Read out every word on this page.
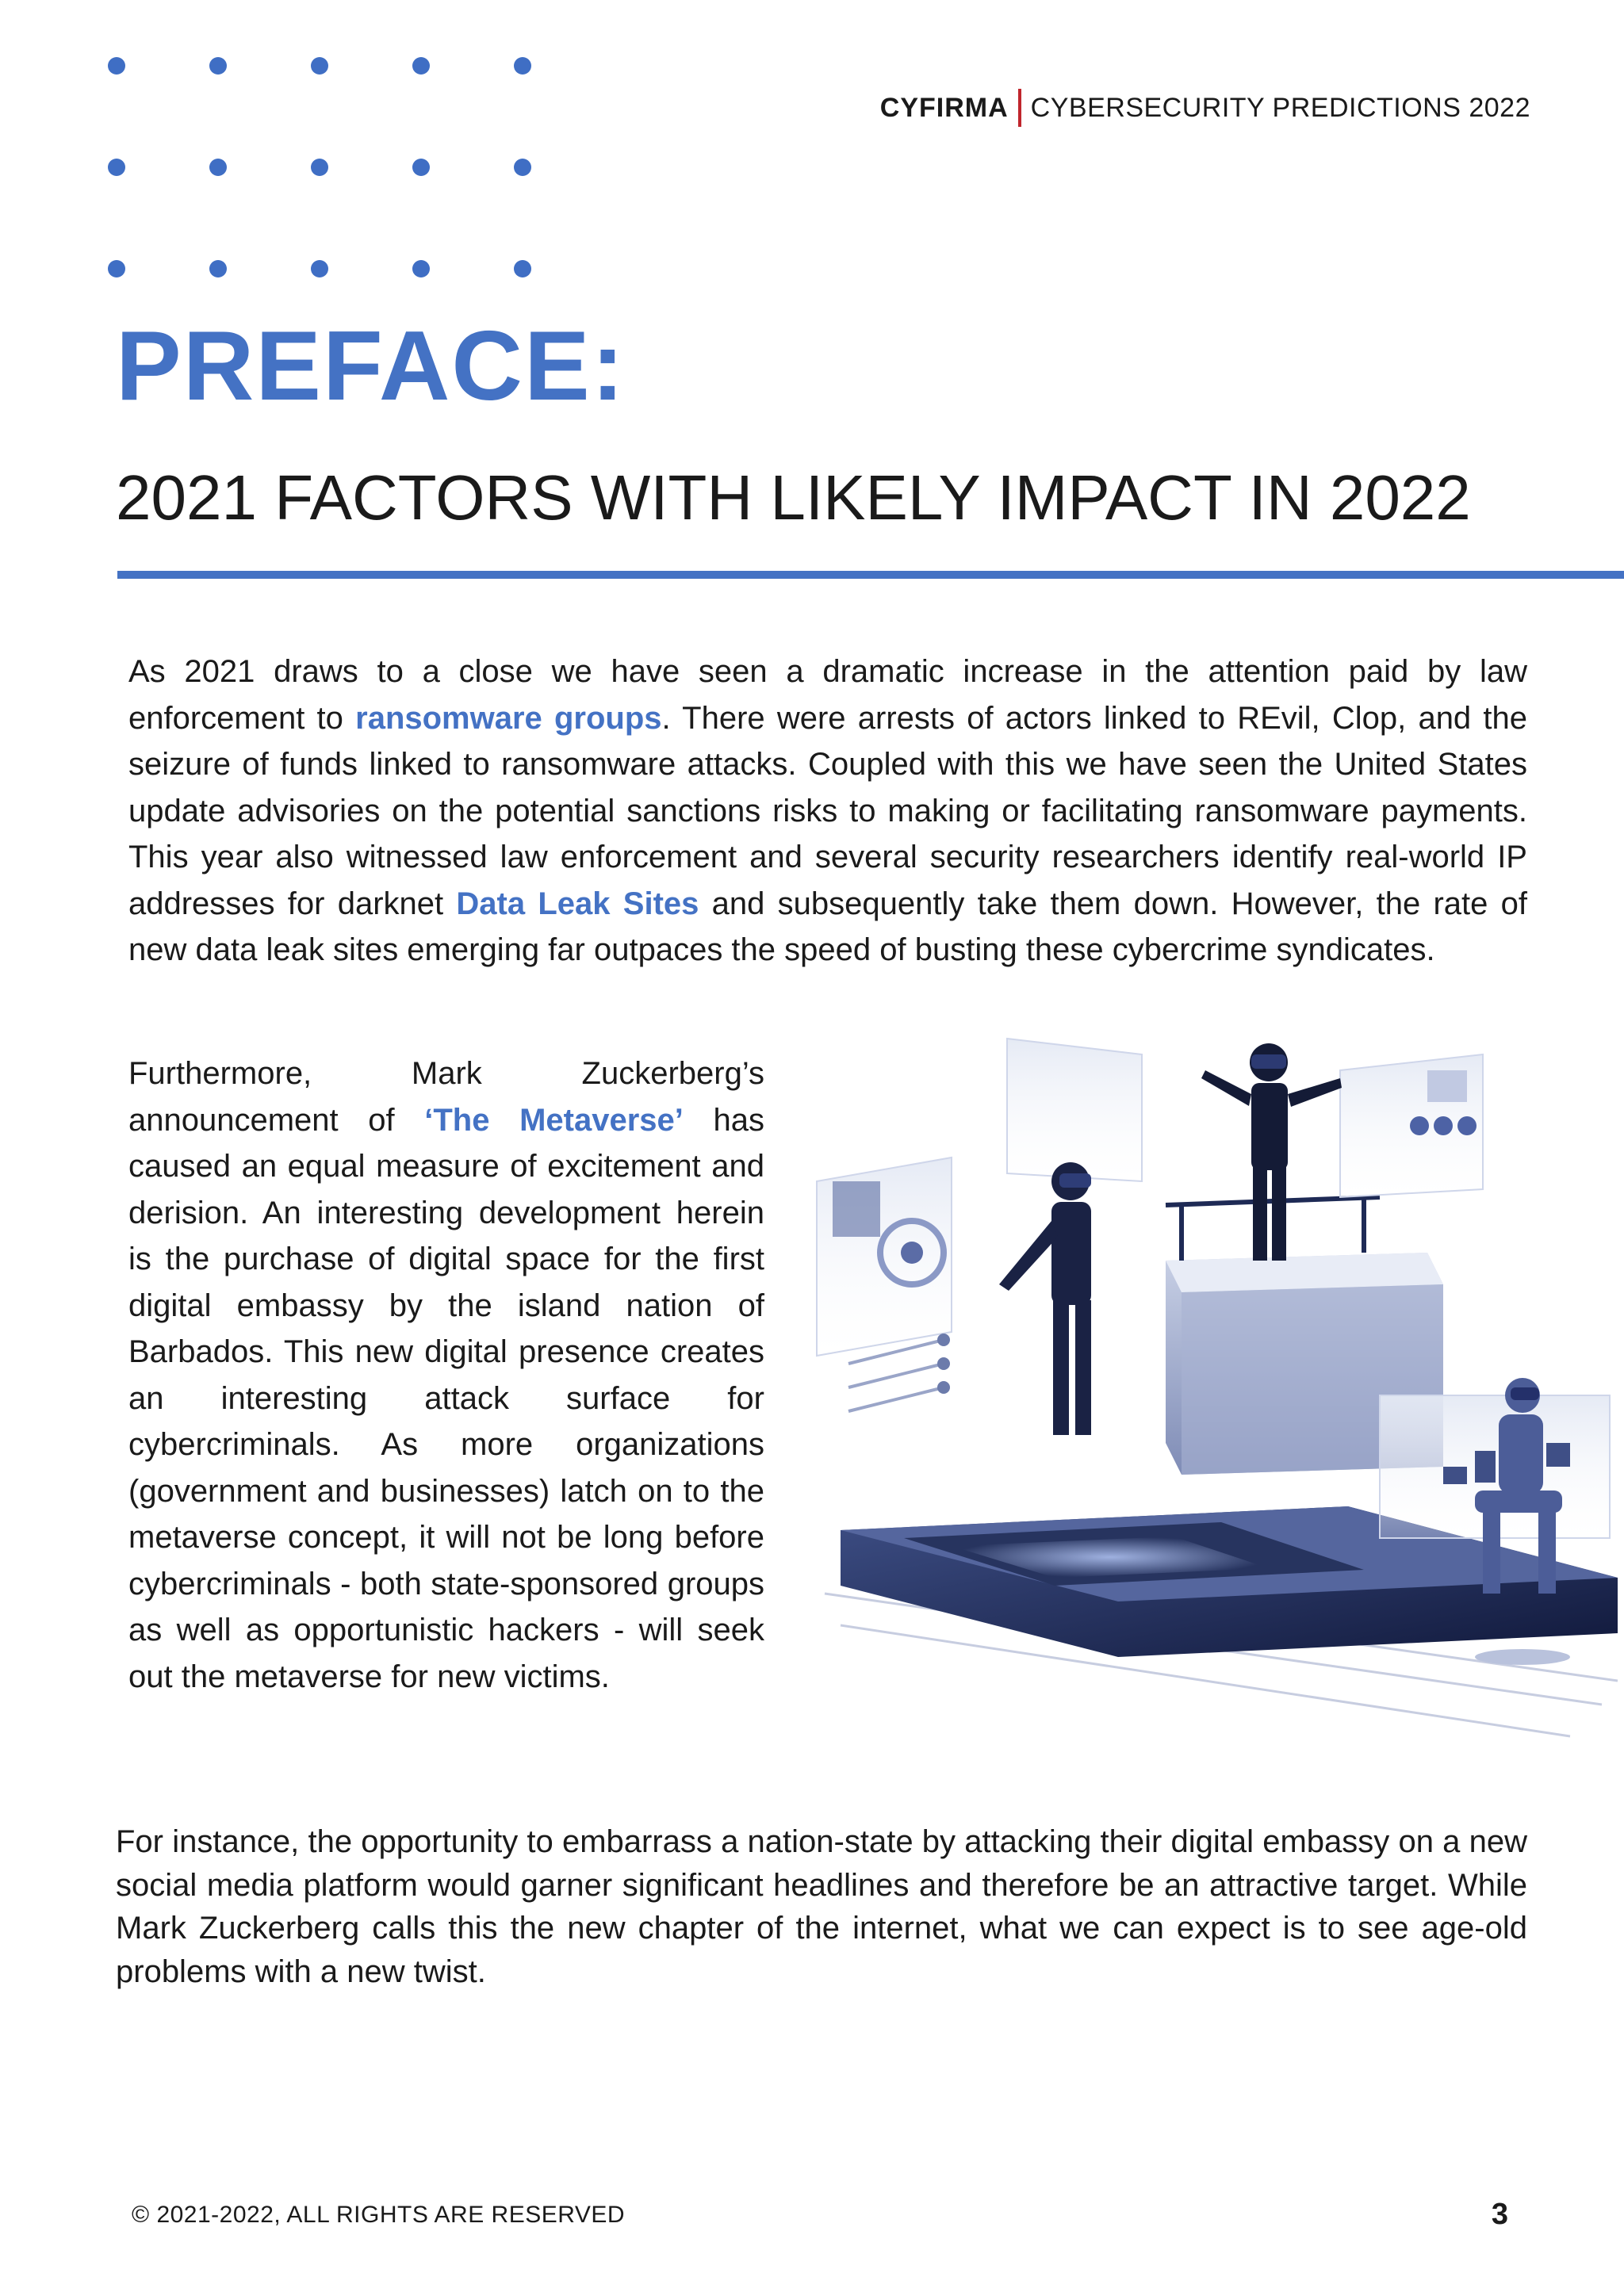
CYFIRMA CYBERSECURITY PREDICTIONS 2022
PREFACE:
2021 FACTORS WITH LIKELY IMPACT IN 2022

As 2021 draws to a close we have seen a dramatic increase in the attention paid by law enforcement to ransomware groups. There were arrests of actors linked to REvil, Clop, and the seizure of funds linked to ransomware attacks. Coupled with this we have seen the United States update advisories on the potential sanctions risks to making or facilitating ransomware payments. This year also witnessed law enforcement and several security researchers identify real-world IP addresses for darknet Data Leak Sites and subsequently take them down. However, the rate of new data leak sites emerging far outpaces the speed of busting these cybercrime syndicates.

Furthermore, Mark Zuckerberg’s announcement of ‘The Metaverse’ has caused an equal measure of excitement and derision. An interesting development herein is the purchase of digital space for the first digital embassy by the island nation of Barbados. This new digital presence creates an interesting attack surface for cybercriminals. As more organizations (government and businesses) latch on to the metaverse concept, it will not be long before cybercriminals - both state-sponsored groups as well as opportunistic hackers - will seek out the metaverse for new victims.

For instance, the opportunity to embarrass a nation-state by attacking their digital embassy on a new social media platform would garner significant headlines and therefore be an attractive target. While Mark Zuckerberg calls this the new chapter of the internet, what we can expect is to see age-old problems with a new twist.

© 2021-2022, ALL RIGHTS ARE RESERVED	3
